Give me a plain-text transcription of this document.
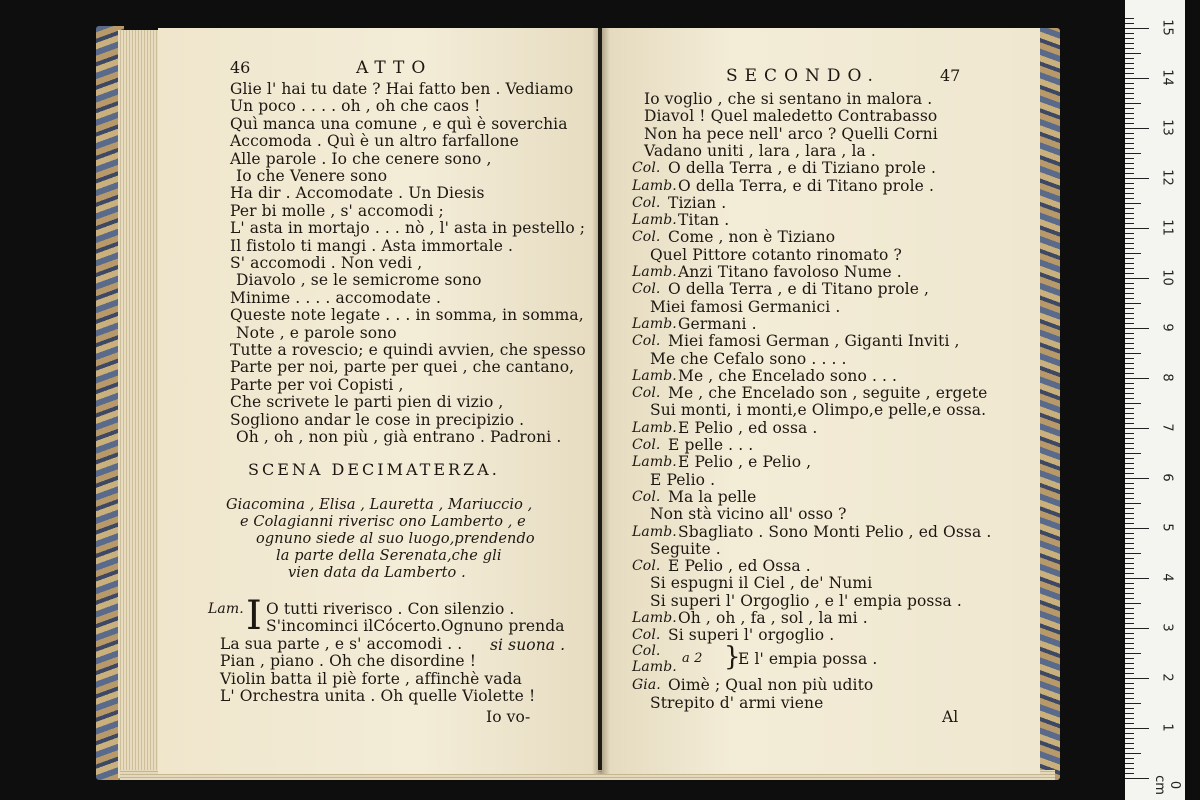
46	ATTO
Glie l' hai tu date ? Hai fatto ben . Vediamo
Un poco . . . . oh , oh che caos !
Quì manca una comune , e quì è soverchia
Accomoda . Quì è un altro farfallone
Alle parole . Io che cenere sono ,
Io che Venere sono
Ha dir . Accomodate . Un Diesis
Per bi molle , s' accomodi ;
L' asta in mortajo . . . nò , l' asta in pestello ;
Il fistolo ti mangi . Asta immortale .
S' accomodi . Non vedi ,
Diavolo , se le semicrome sono
Minime . . . . accomodate .
Queste note legate . . . in somma, in somma,
Note , e parole sono
Tutte a rovescio; e quindi avvien, che spesso
Parte per noi, parte per quei , che cantano,
Parte per voi Copisti ,
Che scrivete le parti pien di vizio ,
Sogliono andar le cose in precipizio .
Oh , oh , non più , già entrano . Padroni .
SCENA DECIMATERZA.
Giacomina , Elisa , Lauretta , Mariuccio ,
e Colagianni riverisc ono Lamberto , e
ognuno siede al suo luogo,prendendo
la parte della Serenata,che gli
vien data da Lamberto .
Lam. I O tutti riverisco . Con silenzio .
S'incominci ilCócerto.Ognuno prenda
La sua parte , e s' accomodi . .
Pian , piano . Oh che disordine !
Violin batta il piè forte , affinchè vada
L' Orchestra unita . Oh quelle Violette !
si suona .
Io vo-
SECONDO.	47
Io voglio , che si sentano in malora .
Diavol ! Quel maledetto Contrabasso
Non ha pece nell' arco ? Quelli Corni
Vadano uniti , lara , lara , la .
Col. O della Terra , e di Tiziano prole .
Lamb. O della Terra, e di Titano prole .
Col. Tizian .
Lamb. Titan .
Col. Come , non è Tiziano
Quel Pittore cotanto rinomato ?
Lamb. Anzi Titano favoloso Nume .
Col. O della Terra , e di Titano prole ,
Miei famosi Germanici .
Lamb. Germani .
Col. Miei famosi German , Giganti Inviti ,
Me che Cefalo sono . . . .
Lamb. Me , che Encelado sono . . .
Col. Me , che Encelado son , seguite , ergete
Sui monti, i monti,e Olimpo,e pelle,e ossa.
Lamb. E Pelio , ed ossa .
Col. E pelle . . .
Lamb. E Pelio , e Pelio ,
E Pelio .
Col. Ma la pelle
Non stà vicino all' osso ?
Lamb. Sbagliato . Sono Monti Pelio , ed Ossa .
Seguite .
Col. E Pelio , ed Ossa .
Si espugni il Ciel , de' Numi
Si superi l' Orgoglio , e l' empia possa .
Lamb. Oh , oh , fa , sol , la mi .
Col. Si superi l' orgoglio .
Col.
Lamb.
a 2 }
E l' empia possa .
Gia. Oimè ; Qual non più udito
Strepito d' armi viene
Al
15
14
13
12
11
10
9
8
7
6
5
4
3
2
1
0 cm
